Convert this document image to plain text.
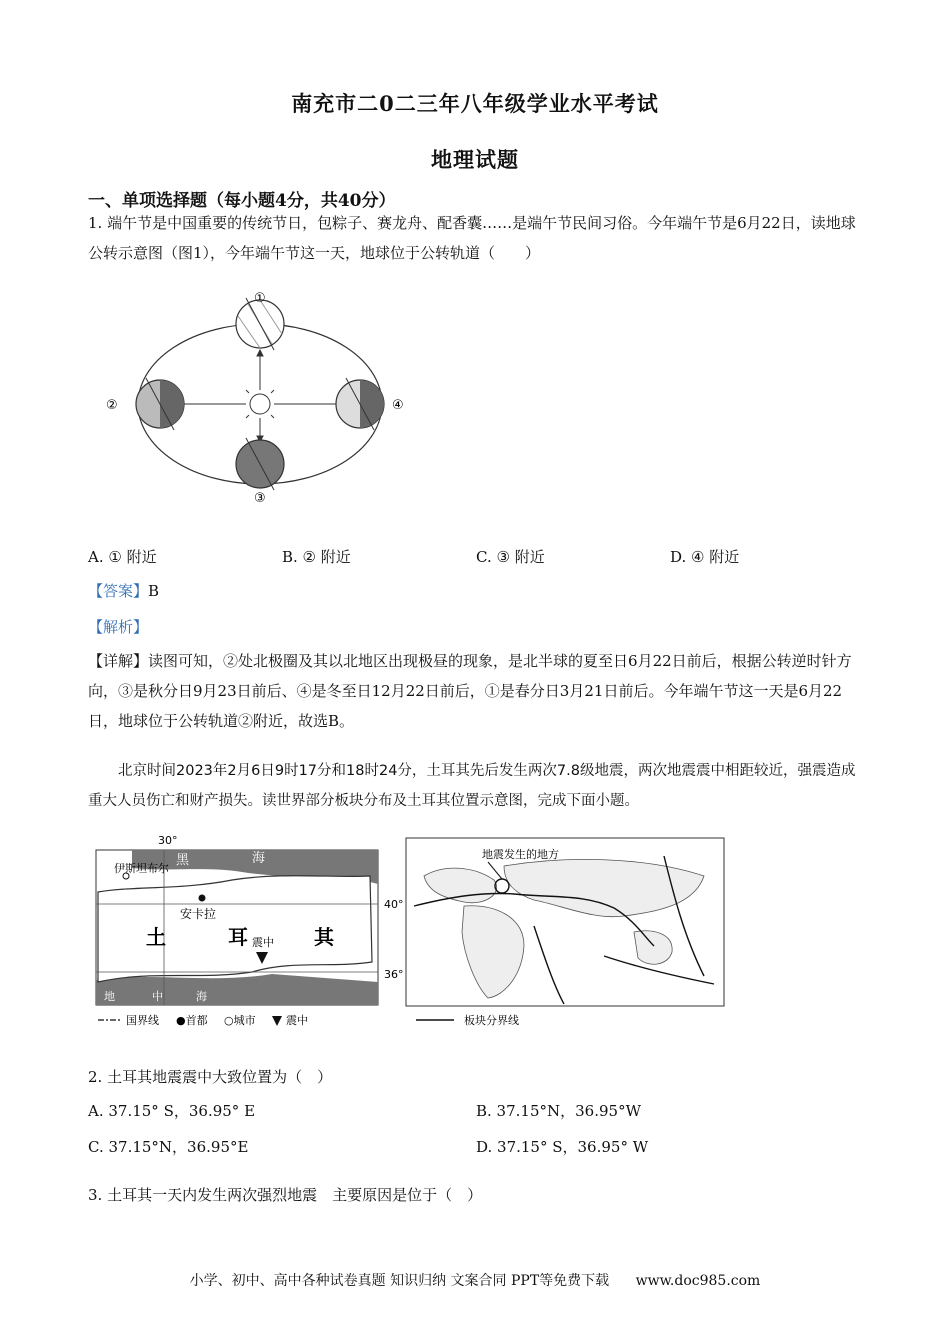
南充市二0二三年八年级学业水平考试
地理试题
一、单项选择题（每小题4分，共40分）
1. 端午节是中国重要的传统节日，包粽子、赛龙舟、配香囊……是端午节民间习俗。今年端午节是6月22日，读地球公转示意图（图1），今年端午节这一天，地球位于公转轨道（　　）
①
②
③
④
A. ① 附近	B. ② 附近	C. ③ 附近	D. ④ 附近
【答案】B
【解析】
【详解】读图可知，②处北极圈及其以北地区出现极昼的现象，是北半球的夏至日6月22日前后，根据公转逆时针方向，③是秋分日9月23日前后、④是冬至日12月22日前后，①是春分日3月21日前后。今年端午节这一天是6月22日，地球位于公转轨道②附近，故选B。
北京时间2023年2月6日9时17分和18时24分，土耳其先后发生两次7.8级地震，两次地震震中相距较近，强震造成重大人员伤亡和财产损失。读世界部分板块分布及土耳其位置示意图，完成下面小题。
30°
40°
36°
黑	海
伊斯坦布尔
安卡拉
土	耳	其
震中
地	中	海
国界线 ●首都 ○城市	震中
地震发生的地方
板块分界线
2. 土耳其地震震中大致位置为（　）
A. 37.15° S，36.95° E	B. 37.15°N，36.95°W
C. 37.15°N，36.95°E	D. 37.15° S，36.95° W
3. 土耳其一天内发生两次强烈地震　主要原因是位于（　）
小学、初中、高中各种试卷真题 知识归纳 文案合同 PPT等免费下载 www.doc985.com
